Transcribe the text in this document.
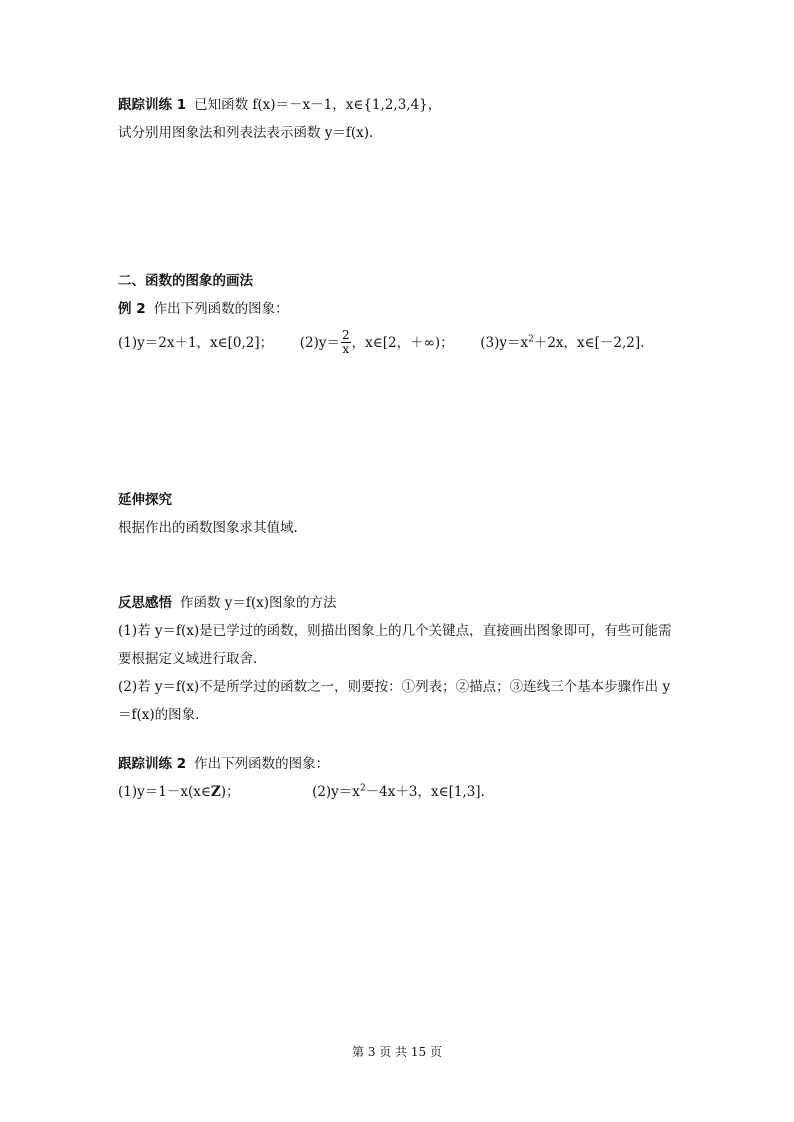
跟踪训练 1 已知函数 f(x)＝－x－1，x∈{1,2,3,4}，
试分别用图象法和列表法表示函数 y＝f(x).
二、函数的图象的画法
例 2 作出下列函数的图象：
(1)y＝2x＋1，x∈[0,2]； $(2)y= \frac{2}{x}$ ，x∈[2，＋∞)； $(3)y=x^2+2x$，x∈[－2,2].
延伸探究
根据作出的函数图象求其值域.
反思感悟 作函数 y＝f(x)图象的方法
(1)若 y＝f(x)是已学过的函数，则描出图象上的几个关键点，直接画出图象即可，有些可能需
要根据定义域进行取舍.
(2)若 y＝f(x)不是所学过的函数之一，则要按：①列表；②描点；③连线三个基本步骤作出 y
＝f(x)的图象.
跟踪训练 2 作出下列函数的图象：
(1)y＝1－x(x∈Z)；	$(2)y=x^2-4x+3$，x∈[1,3].
第 3 页 共 15 页
